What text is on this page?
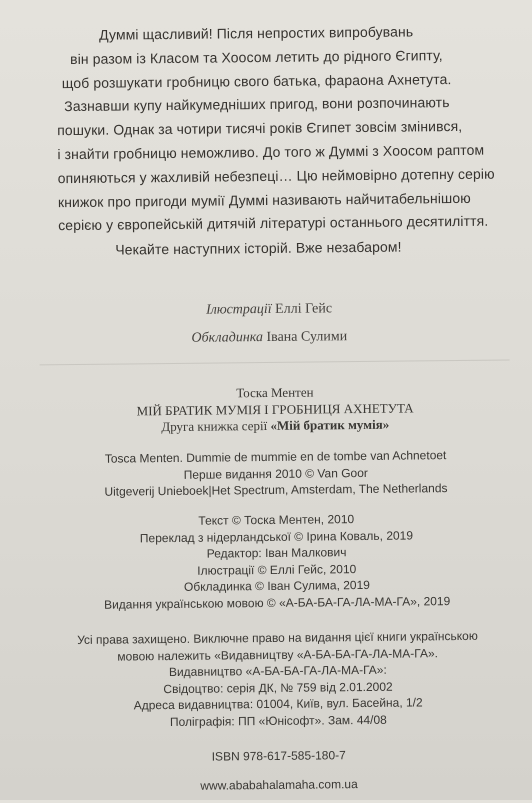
Думмі щасливий! Після непростих випробувань
він разом із Класом та Хоосом летить до рідного Єгипту,
щоб розшукати гробницю свого батька, фараона Ахнетута.
Зазнавши купу найкумедніших пригод, вони розпочинають
пошуки. Однак за чотири тисячі років Єгипет зовсім змінився,
і знайти гробницю неможливо. До того ж Думмі з Хоосом раптом
опиняються у жахливій небезпеці… Цю неймовірно дотепну серію
книжок про пригоди мумії Думмі називають найчитабельнішою
серією у європейській дитячій літературі останнього десятиліття.
Чекайте наступних історій. Вже незабаром!
Ілюстрації Еллі Гейс
Обкладинка Івана Сулими
Тоска Ментен
МІЙ БРАТИК МУМІЯ І ГРОБНИЦЯ АХНЕТУТА
Друга книжка серії «Мій братик мумія»
Tosca Menten. Dummie de mummie en de tombe van Achnetoet
Перше видання 2010 © Van Goor
Uitgeverij Unieboek|Het Spectrum, Amsterdam, The Netherlands
Текст © Тоска Ментен, 2010
Переклад з нідерландської © Ірина Коваль, 2019
Редактор: Іван Малкович
Ілюстрації © Еллі Гейс, 2010
Обкладинка © Іван Сулима, 2019
Видання українською мовою © «А-БА-БА-ГА-ЛА-МА-ГА», 2019
Усі права захищено. Виключне право на видання цієї книги українською
мовою належить «Видавництву «А-БА-БА-ГА-ЛА-МА-ГА».
Видавництво «А-БА-БА-ГА-ЛА-МА-ГА»:
Свідоцтво: серія ДК, № 759 від 2.01.2002
Адреса видавництва: 01004, Київ, вул. Басейна, 1/2
Поліграфія: ПП «Юнісофт». Зам. 44/08
ISBN 978-617-585-180-7
www.ababahalamaha.com.ua
